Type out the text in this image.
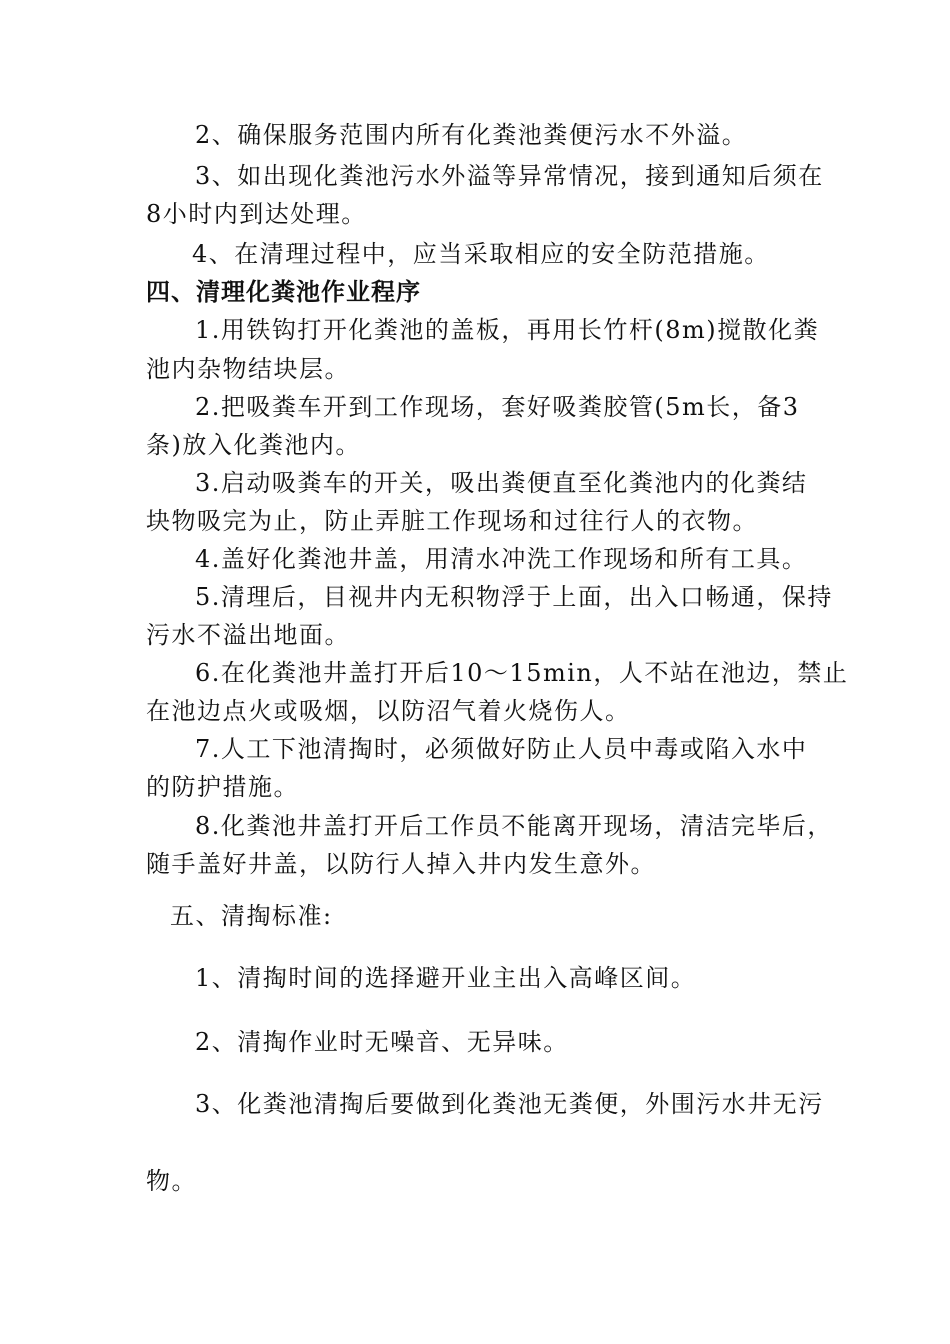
2、确保服务范围内所有化粪池粪便污水不外溢。
3、如出现化粪池污水外溢等异常情况，接到通知后须在
8小时内到达处理。
4、在清理过程中，应当采取相应的安全防范措施。
四、清理化粪池作业程序
1.用铁钩打开化粪池的盖板，再用长竹杆(8m)搅散化粪
池内杂物结块层。
2.把吸粪车开到工作现场，套好吸粪胶管(5m长，备3
条)放入化粪池内。
3.启动吸粪车的开关，吸出粪便直至化粪池内的化粪结
块物吸完为止，防止弄脏工作现场和过往行人的衣物。
4.盖好化粪池井盖，用清水冲洗工作现场和所有工具。
5.清理后，目视井内无积物浮于上面，出入口畅通，保持
污水不溢出地面。
6.在化粪池井盖打开后10～15min，人不站在池边，禁止
在池边点火或吸烟，以防沼气着火烧伤人。
7.人工下池清掏时，必须做好防止人员中毒或陷入水中
的防护措施。
8.化粪池井盖打开后工作员不能离开现场，清洁完毕后，
随手盖好井盖，以防行人掉入井内发生意外。
五、清掏标准:
1、清掏时间的选择避开业主出入高峰区间。
2、清掏作业时无噪音、无异味。
3、化粪池清掏后要做到化粪池无粪便，外围污水井无污
物。
